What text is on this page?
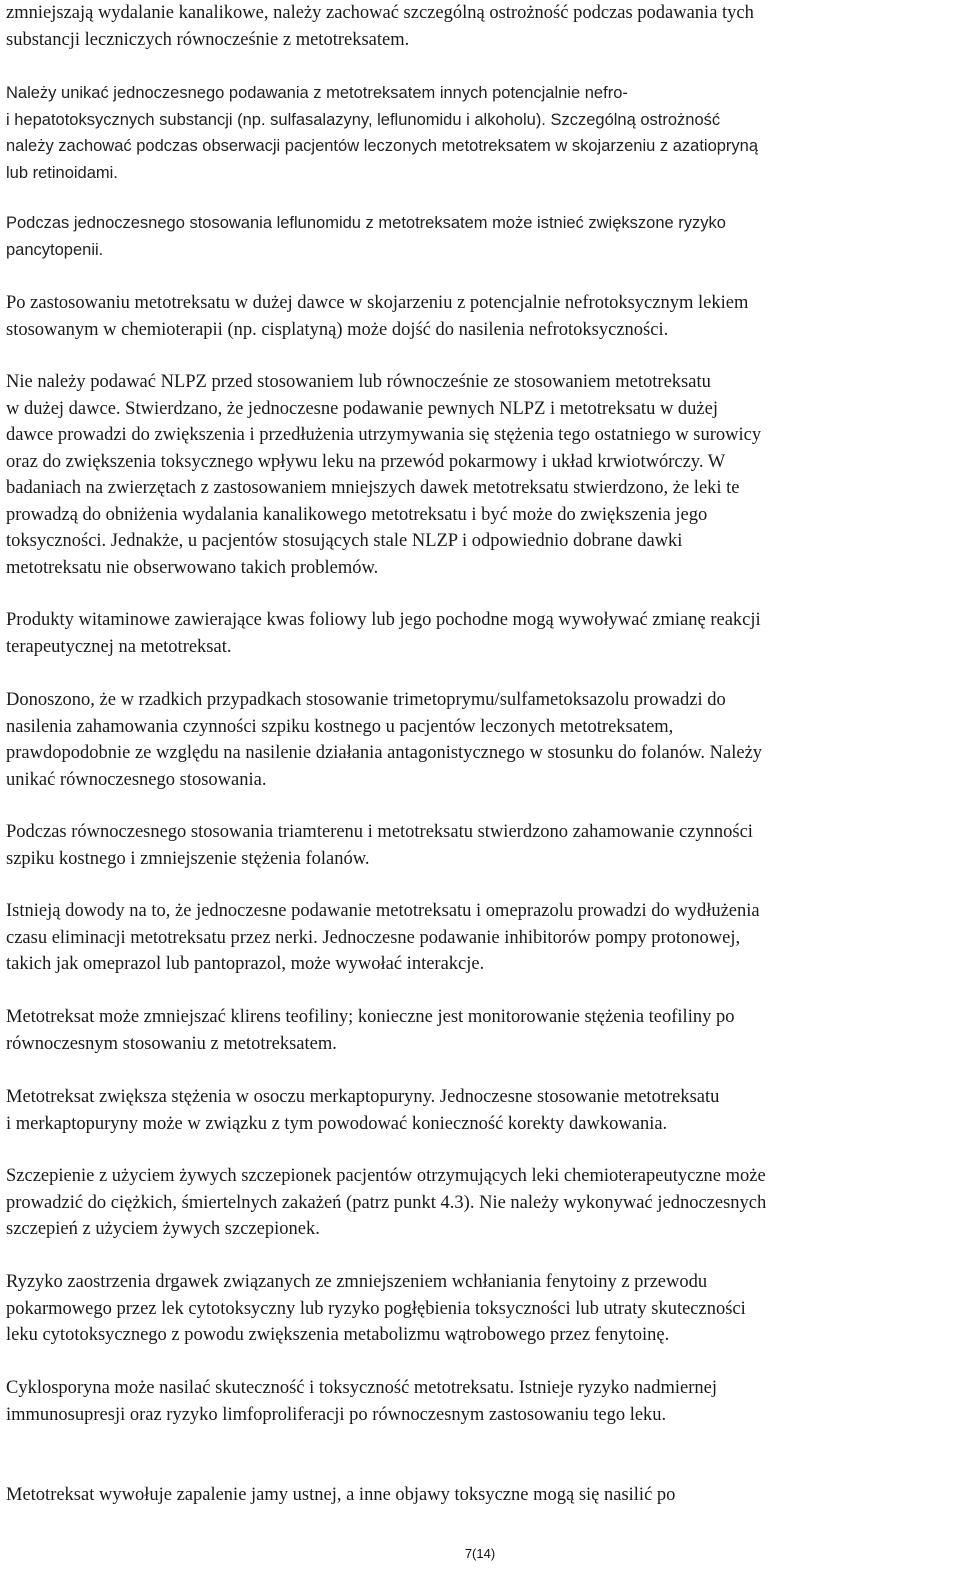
zmniejszają wydalanie kanalikowe, należy zachować szczególną ostrożność podczas podawania tych
substancji leczniczych równocześnie z metotreksatem.

Należy unikać jednoczesnego podawania z metotreksatem innych potencjalnie nefro-
i hepatotoksycznych substancji (np. sulfasalazyny, leflunomidu i alkoholu). Szczególną ostrożność
należy zachować podczas obserwacji pacjentów leczonych metotreksatem w skojarzeniu z azatiopryną
lub retinoidami.

Podczas jednoczesnego stosowania leflunomidu z metotreksatem może istnieć zwiększone ryzyko
pancytopenii.

Po zastosowaniu metotreksatu w dużej dawce w skojarzeniu z potencjalnie nefrotoksycznym lekiem
stosowanym w chemioterapii (np. cisplatyną) może dojść do nasilenia nefrotoksyczności.

Nie należy podawać NLPZ przed stosowaniem lub równocześnie ze stosowaniem metotreksatu
w dużej dawce. Stwierdzano, że jednoczesne podawanie pewnych NLPZ i metotreksatu w dużej
dawce prowadzi do zwiększenia i przedłużenia utrzymywania się stężenia tego ostatniego w surowicy
oraz do zwiększenia toksycznego wpływu leku na przewód pokarmowy i układ krwiotwórczy. W
badaniach na zwierzętach z zastosowaniem mniejszych dawek metotreksatu stwierdzono, że leki te
prowadzą do obniżenia wydalania kanalikowego metotreksatu i być może do zwiększenia jego
toksyczności. Jednakże, u pacjentów stosujących stale NLZP i odpowiednio dobrane dawki
metotreksatu nie obserwowano takich problemów.

Produkty witaminowe zawierające kwas foliowy lub jego pochodne mogą wywoływać zmianę reakcji
terapeutycznej na metotreksat.

Donoszono, że w rzadkich przypadkach stosowanie trimetoprymu/sulfametoksazolu prowadzi do
nasilenia zahamowania czynności szpiku kostnego u pacjentów leczonych metotreksatem,
prawdopodobnie ze względu na nasilenie działania antagonistycznego w stosunku do folanów. Należy
unikać równoczesnego stosowania.

Podczas równoczesnego stosowania triamterenu i metotreksatu stwierdzono zahamowanie czynności
szpiku kostnego i zmniejszenie stężenia folanów.

Istnieją dowody na to, że jednoczesne podawanie metotreksatu i omeprazolu prowadzi do wydłużenia
czasu eliminacji metotreksatu przez nerki. Jednoczesne podawanie inhibitorów pompy protonowej,
takich jak omeprazol lub pantoprazol, może wywołać interakcje.

Metotreksat może zmniejszać klirens teofiliny; konieczne jest monitorowanie stężenia teofiliny po
równoczesnym stosowaniu z metotreksatem.

Metotreksat zwiększa stężenia w osoczu merkaptopuryny. Jednoczesne stosowanie metotreksatu
i merkaptopuryny może w związku z tym powodować konieczność korekty dawkowania.

Szczepienie z użyciem żywych szczepionek pacjentów otrzymujących leki chemioterapeutyczne może
prowadzić do ciężkich, śmiertelnych zakażeń (patrz punkt 4.3). Nie należy wykonywać jednoczesnych
szczepień z użyciem żywych szczepionek.

Ryzyko zaostrzenia drgawek związanych ze zmniejszeniem wchłaniania fenytoiny z przewodu
pokarmowego przez lek cytotoksyczny lub ryzyko pogłębienia toksyczności lub utraty skuteczności
leku cytotoksycznego z powodu zwiększenia metabolizmu wątrobowego przez fenytoinę.

Cyklosporyna może nasilać skuteczność i toksyczność metotreksatu. Istnieje ryzyko nadmiernej
immunosupresji oraz ryzyko limfoproliferacji po równoczesnym zastosowaniu tego leku.

Metotreksat wywołuje zapalenie jamy ustnej, a inne objawy toksyczne mogą się nasilić po

7(14)
